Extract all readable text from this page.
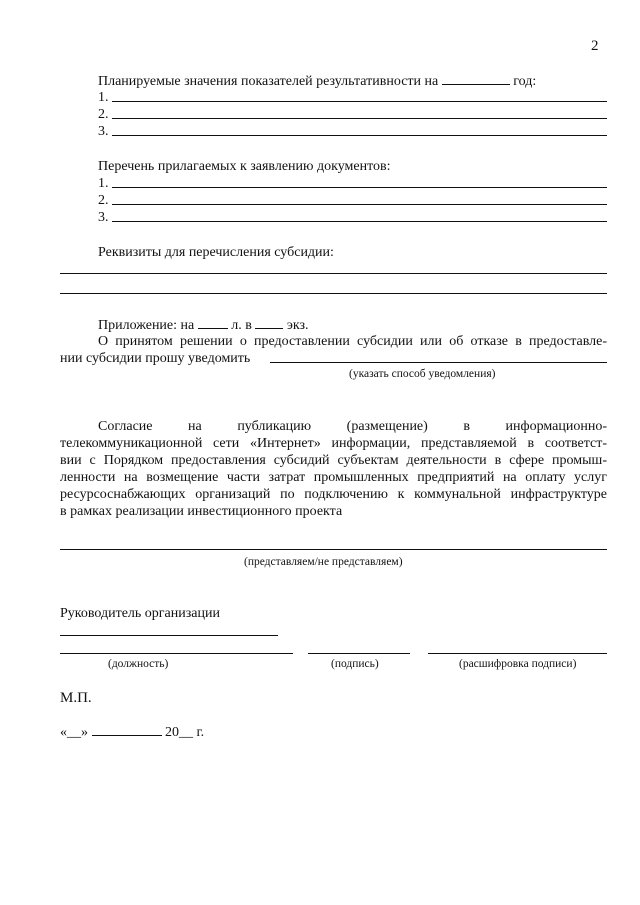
2
Планируемые значения показателей результативности на	год:
1.
2.
3.
Перечень прилагаемых к заявлению документов:
1.
2.
3.
Реквизиты для перечисления субсидии:
Приложение: на	л. в	экз.
О принятом решении о предоставлении субсидии или об отказе в предоставле-
нии субсидии прошу уведомить
(указать способ уведомления)
Согласие	на	публикацию	(размещение)	в	информационно-
телекоммуникационной сети «Интернет» информации, представляемой в соответст-
вии с Порядком предоставления субсидий субъектам деятельности в сфере промыш-
ленности на возмещение части затрат промышленных предприятий на оплату услуг
ресурсоснабжающих организаций по подключению к коммунальной инфраструктуре
в рамках реализации инвестиционного проекта
(представляем/не представляем)
Руководитель организации
(должность)	(подпись)	(расшифровка подписи)
М.П.
«__»	20__ г.
